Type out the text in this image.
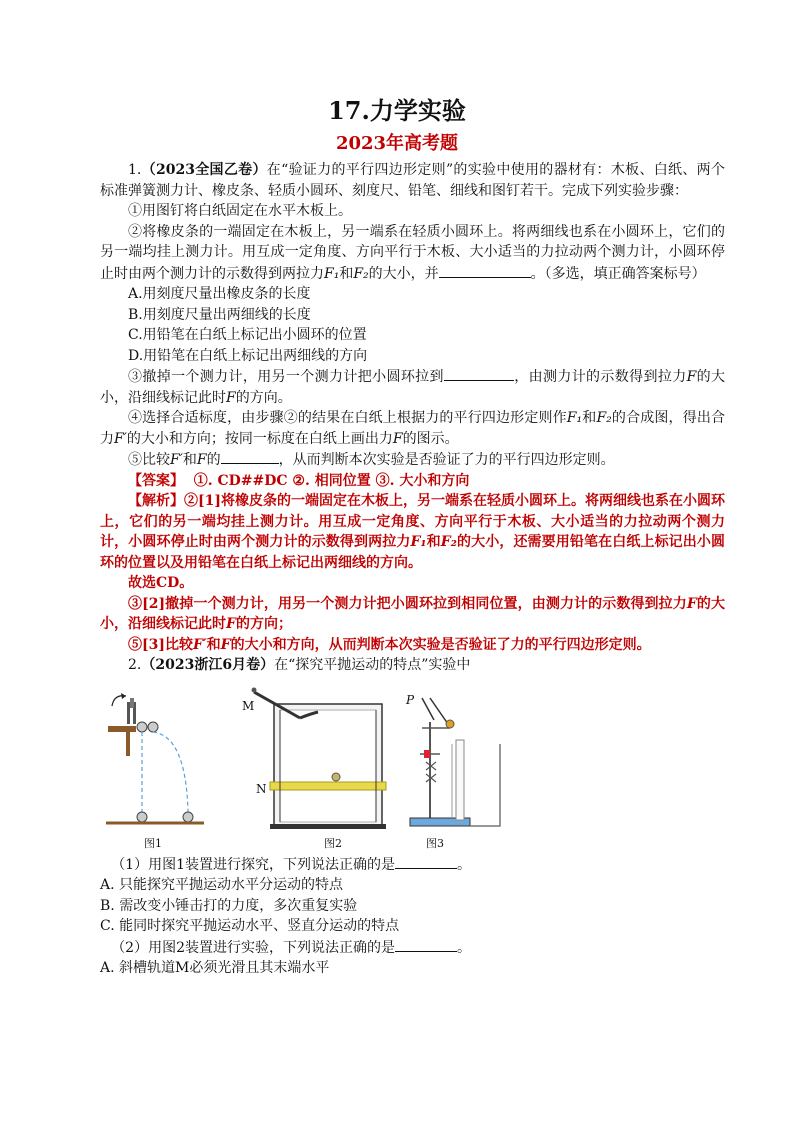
17.力学实验
2023年高考题

1.（2023全国乙卷）在“验证力的平行四边形定则”的实验中使用的器材有：木板、白纸、两个标准弹簧测力计、橡皮条、轻质小圆环、刻度尺、铅笔、细线和图钉若干。完成下列实验步骤：

①用图钉将白纸固定在水平木板上。

②将橡皮条的一端固定在木板上，另一端系在轻质小圆环上。将两细线也系在小圆环上，它们的另一端均挂上测力计。用互成一定角度、方向平行于木板、大小适当的力拉动两个测力计，小圆环停止时由两个测力计的示数得到两拉力F₁和F₂的大小，并	。（多选，填正确答案标号）

A.用刻度尺量出橡皮条的长度

B.用刻度尺量出两细线的长度

C.用铅笔在白纸上标记出小圆环的位置

D.用铅笔在白纸上标记出两细线的方向

③撤掉一个测力计，用另一个测力计把小圆环拉到	，由测力计的示数得到拉力F的大小，沿细线标记此时F的方向。

④选择合适标度，由步骤②的结果在白纸上根据力的平行四边形定则作F₁和F₂的合成图，得出合力F′的大小和方向；按同一标度在白纸上画出力F的图示。

⑤比较F′和F的	，从而判断本次实验是否验证了力的平行四边形定则。

【答案】 ①. CD##DC ②. 相同位置 ③. 大小和方向

【解析】②[1]将橡皮条的一端固定在木板上，另一端系在轻质小圆环上。将两细线也系在小圆环上，它们的另一端均挂上测力计。用互成一定角度、方向平行于木板、大小适当的力拉动两个测力计，小圆环停止时由两个测力计的示数得到两拉力F₁和F₂的大小，还需要用铅笔在白纸上标记出小圆环的位置以及用铅笔在白纸上标记出两细线的方向。

故选CD。

③[2]撤掉一个测力计，用另一个测力计把小圆环拉到相同位置，由测力计的示数得到拉力F的大小，沿细线标记此时F的方向；

⑤[3]比较F′和F的大小和方向，从而判断本次实验是否验证了力的平行四边形定则。

2.（2023浙江6月卷）在“探究平抛运动的特点”实验中

图1
M
N
图2
P
图3

（1）用图1装置进行探究，下列说法正确的是	。

A. 只能探究平抛运动水平分运动的特点

B. 需改变小锤击打的力度，多次重复实验

C. 能同时探究平抛运动水平、竖直分运动的特点

（2）用图2装置进行实验，下列说法正确的是	。

A. 斜槽轨道M必须光滑且其末端水平
